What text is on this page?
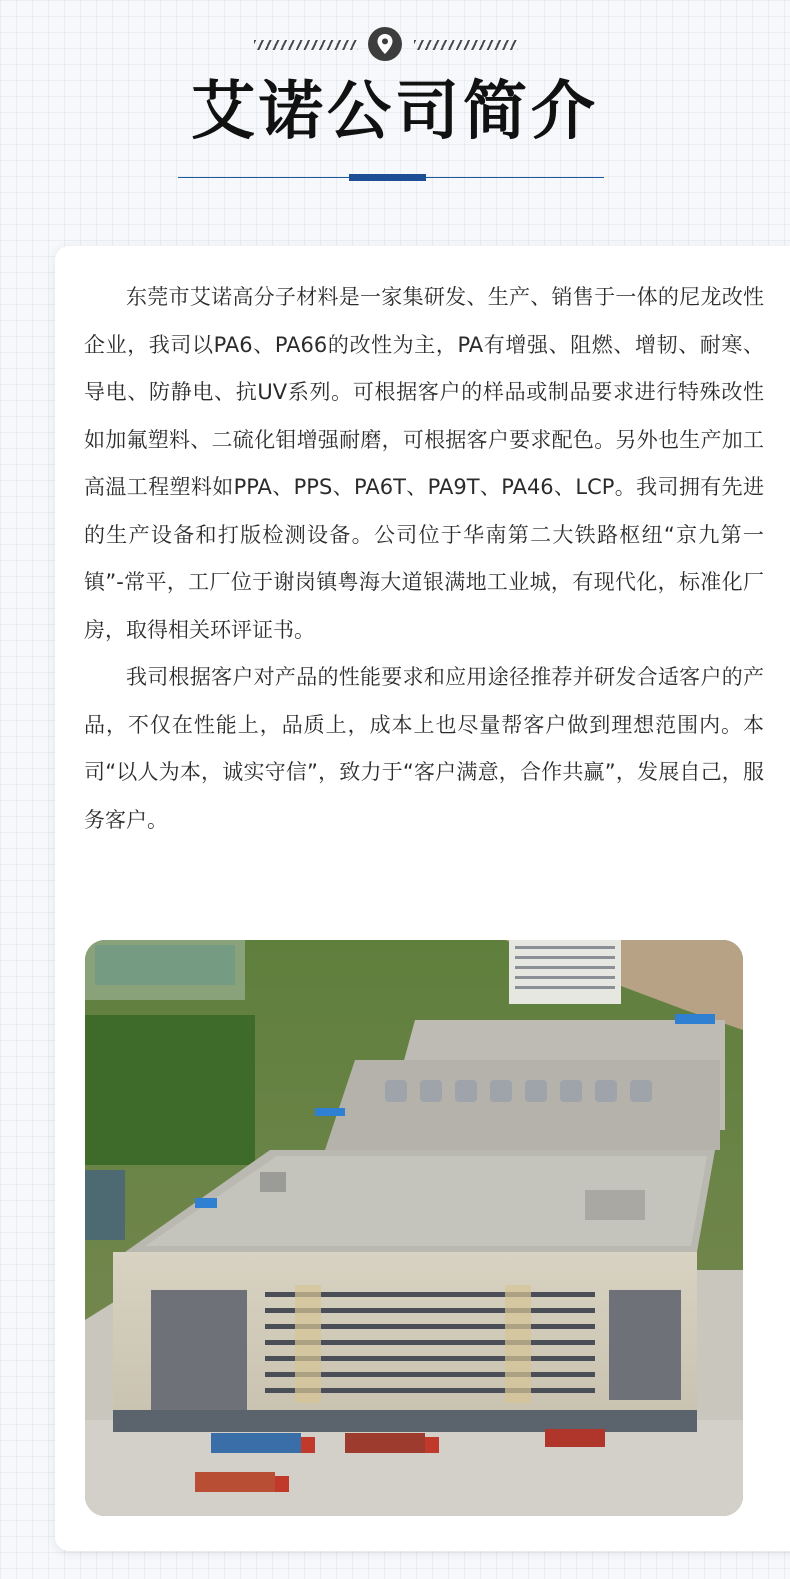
艾诺公司简介

东莞市艾诺高分子材料是一家集研发、生产、销售于一体的尼龙改性企业，我司以PA6、PA66的改性为主，PA有增强、阻燃、增韧、耐寒、导电、防静电、抗UV系列。可根据客户的样品或制品要求进行特殊改性如加氟塑料、二硫化钼增强耐磨，可根据客户要求配色。另外也生产加工高温工程塑料如PPA、PPS、PA6T、PA9T、PA46、LCP。我司拥有先进的生产设备和打版检测设备。公司位于华南第二大铁路枢纽“京九第一镇”-常平，工厂位于谢岗镇粤海大道银满地工业城，有现代化，标准化厂房，取得相关环评证书。

我司根据客户对产品的性能要求和应用途径推荐并研发合适客户的产品，不仅在性能上，品质上，成本上也尽量帮客户做到理想范围内。本司“以人为本，诚实守信”，致力于“客户满意，合作共赢”，发展自己，服务客户。
